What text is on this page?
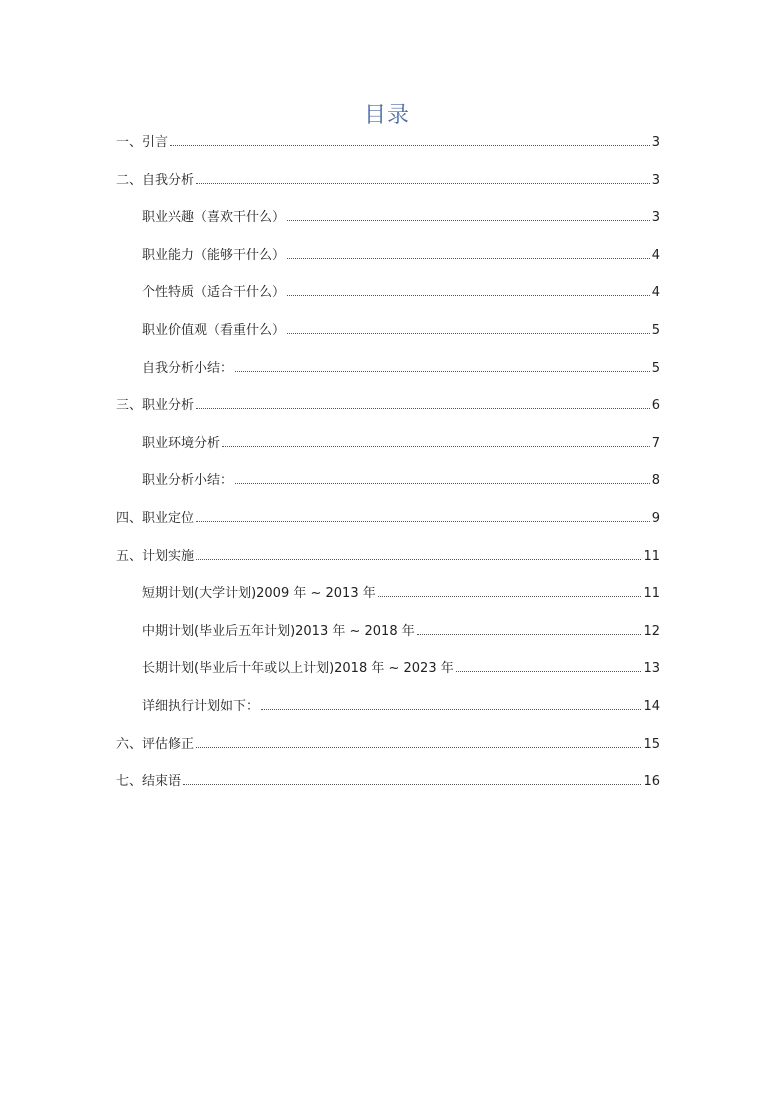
目录
一、引言	3
二、自我分析	3
职业兴趣（喜欢干什么）	3
职业能力（能够干什么）	4
个性特质（适合干什么）	4
职业价值观（看重什么）	5
自我分析小结：	5
三、职业分析	6
职业环境分析	7
职业分析小结：	8
四、职业定位	9
五、计划实施	11
短期计划(大学计划)2009 年 ~ 2013 年	11
中期计划(毕业后五年计划)2013 年 ~ 2018 年	12
长期计划(毕业后十年或以上计划)2018 年 ~ 2023 年	13
详细执行计划如下：	14
六、评估修正	15
七、结束语	16
